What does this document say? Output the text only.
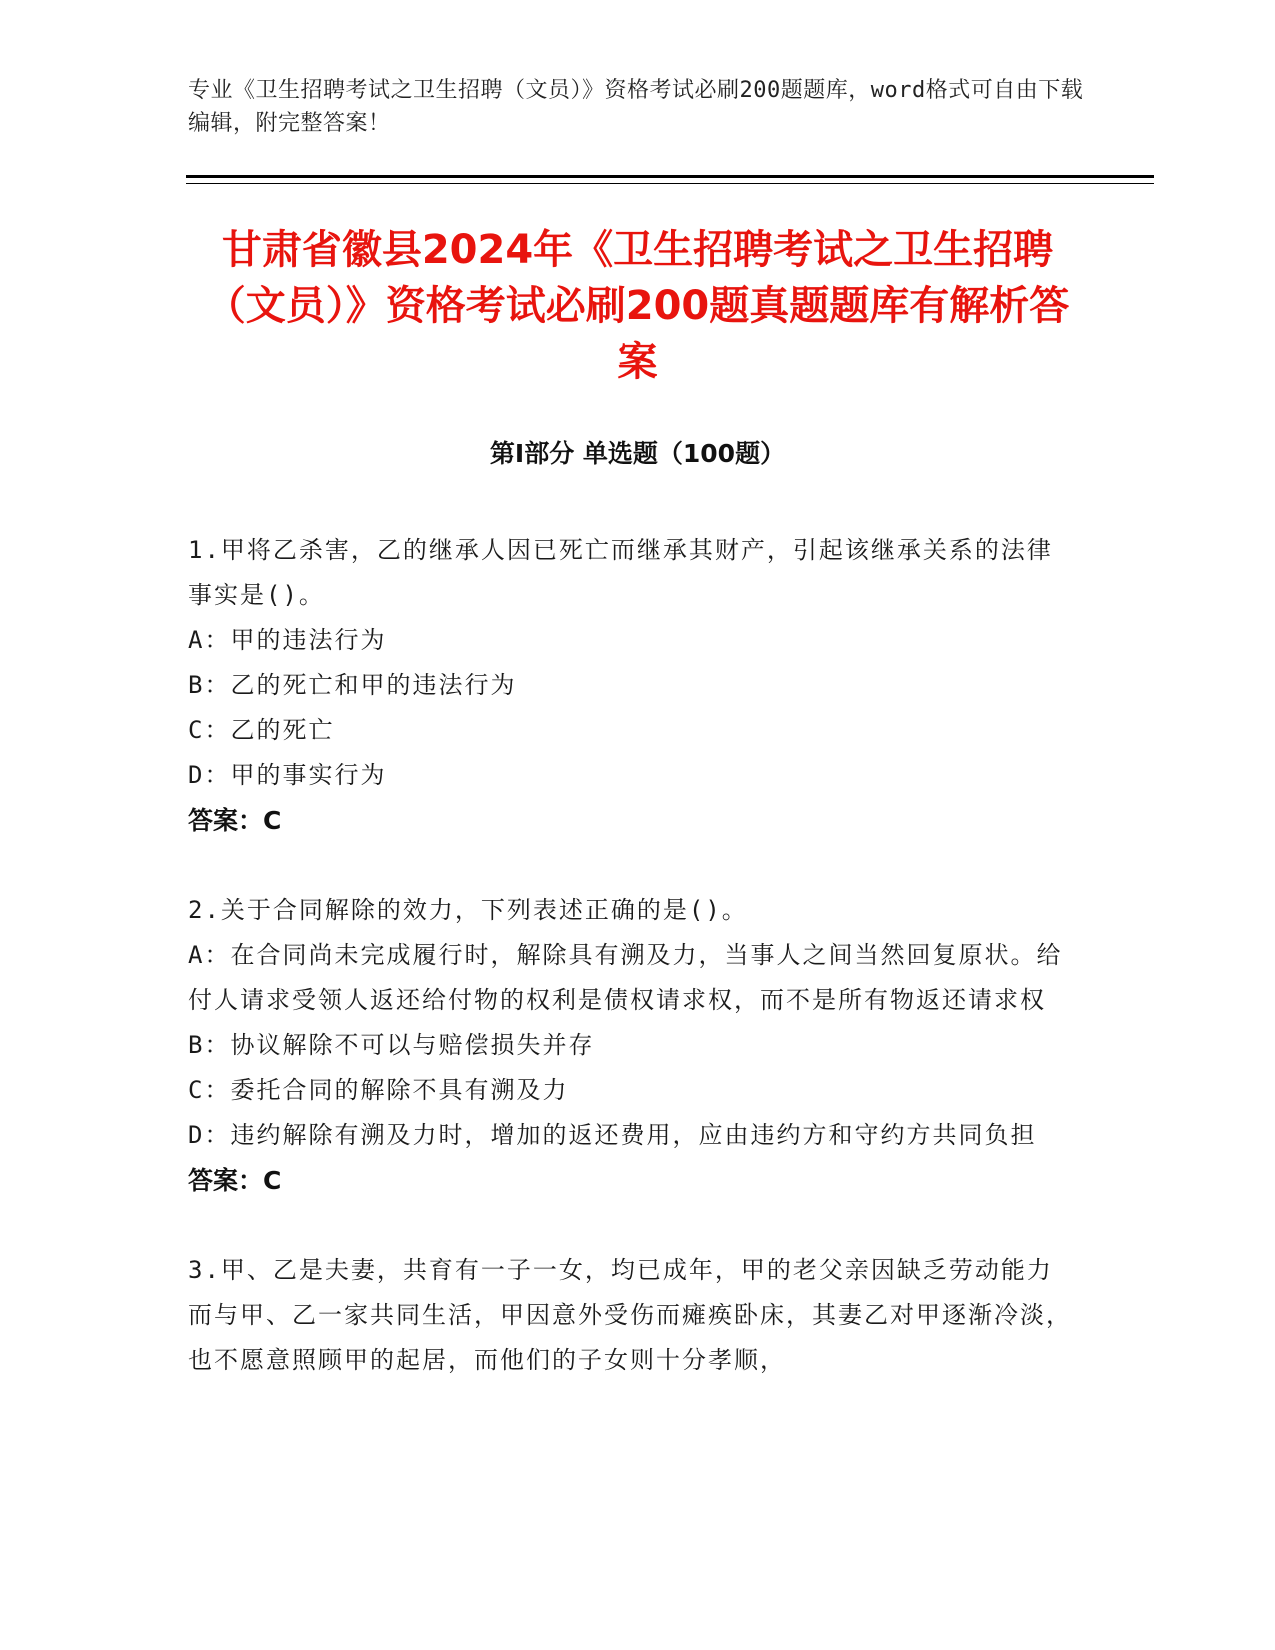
专业《卫生招聘考试之卫生招聘（文员）》资格考试必刷200题题库，word格式可自由下载编辑，附完整答案！
甘肃省徽县2024年《卫生招聘考试之卫生招聘（文员）》资格考试必刷200题真题题库有解析答案
第Ⅰ部分 单选题（100题）
1.甲将乙杀害，乙的继承人因已死亡而继承其财产，引起该继承关系的法律事实是()。
A：甲的违法行为
B：乙的死亡和甲的违法行为
C：乙的死亡
D：甲的事实行为
答案：C
2.关于合同解除的效力，下列表述正确的是()。
A：在合同尚未完成履行时，解除具有溯及力，当事人之间当然回复原状。给付人请求受领人返还给付物的权利是债权请求权，而不是所有物返还请求权
B：协议解除不可以与赔偿损失并存
C：委托合同的解除不具有溯及力
D：违约解除有溯及力时，增加的返还费用，应由违约方和守约方共同负担
答案：C
3.甲、乙是夫妻，共育有一子一女，均已成年，甲的老父亲因缺乏劳动能力而与甲、乙一家共同生活，甲因意外受伤而瘫痪卧床，其妻乙对甲逐渐冷淡，也不愿意照顾甲的起居，而他们的子女则十分孝顺，
